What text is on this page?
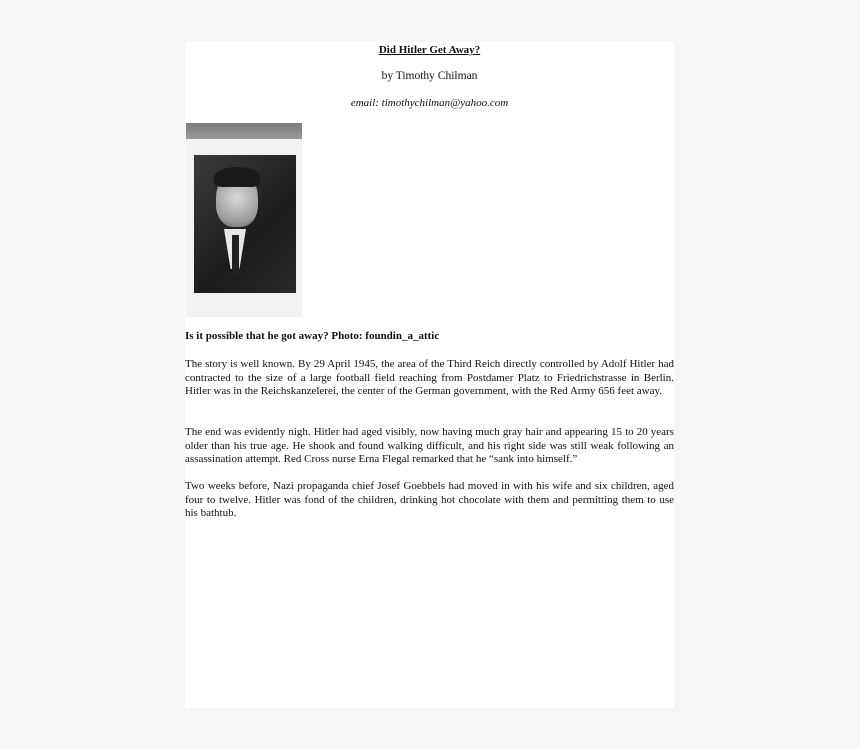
Did Hitler Get Away?
by Timothy Chilman
email: timothychilman@yahoo.com
Is it possible that he got away? Photo: foundin_a_attic

The story is well known. By 29 April 1945, the area of the Third Reich directly controlled by Adolf Hitler had contracted to the size of a large football field reaching from Postdamer Platz to Friedrichstrasse in Berlin. Hitler was in the Reichskanzelerei, the center of the German government, with the Red Army 656 feet away.

The end was evidently nigh. Hitler had aged visibly, now having much gray hair and appearing 15 to 20 years older than his true age. He shook and found walking difficult, and his right side was still weak following an assassination attempt. Red Cross nurse Erna Flegal remarked that he “sank into himself.”

Two weeks before, Nazi propaganda chief Josef Goebbels had moved in with his wife and six children, aged four to twelve. Hitler was fond of the children, drinking hot chocolate with them and permitting them to use his bathtub.
